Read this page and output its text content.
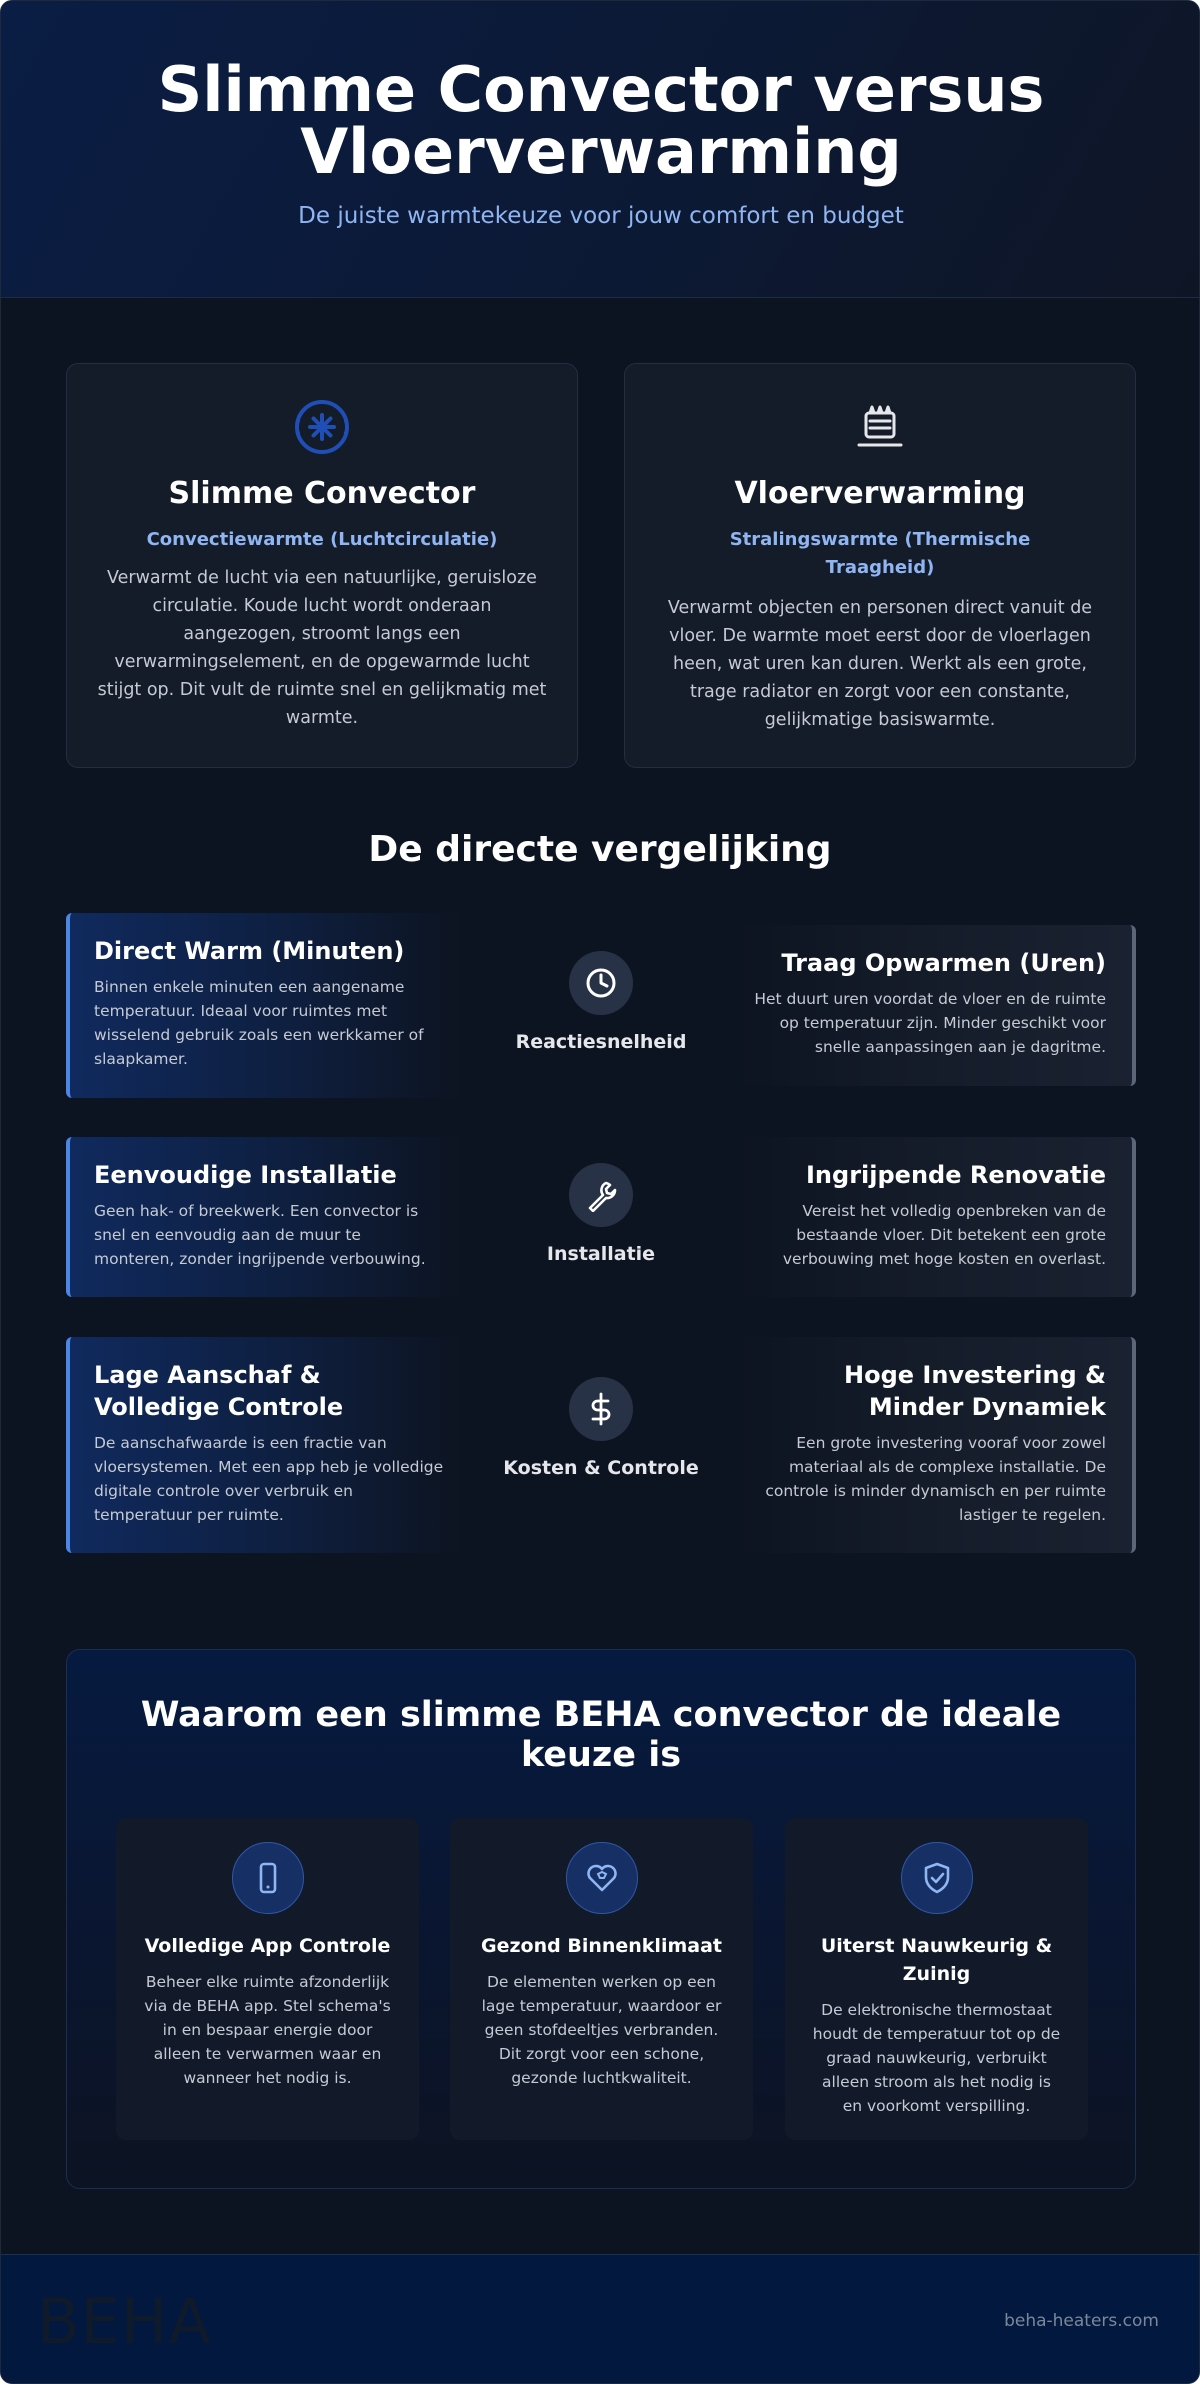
Slimme Convector versus Vloerverwarming

De juiste warmtekeuze voor jouw comfort en budget

Slimme Convector
Convectiewarmte (Luchtcirculatie)

Verwarmt de lucht via een natuurlijke, geruisloze circulatie. Koude lucht wordt onderaan aangezogen, stroomt langs een verwarmingselement, en de opgewarmde lucht stijgt op. Dit vult de ruimte snel en gelijkmatig met warmte.

Vloerverwarming
Stralingswarmte (Thermische Traagheid)

Verwarmt objecten en personen direct vanuit de vloer. De warmte moet eerst door de vloerlagen heen, wat uren kan duren. Werkt als een grote, trage radiator en zorgt voor een constante, gelijkmatige basiswarmte.

De directe vergelijking
Direct Warm (Minuten)

Binnen enkele minuten een aangename temperatuur. Ideaal voor ruimtes met wisselend gebruik zoals een werkkamer of slaapkamer.

Reactiesnelheid
Traag Opwarmen (Uren)

Het duurt uren voordat de vloer en de ruimte op temperatuur zijn. Minder geschikt voor snelle aanpassingen aan je dagritme.

Eenvoudige Installatie

Geen hak- of breekwerk. Een convector is snel en eenvoudig aan de muur te monteren, zonder ingrijpende verbouwing.	Installatie
Ingrijpende Renovatie

Vereist het volledig openbreken van de bestaande vloer. Dit betekent een grote verbouwing met hoge kosten en overlast.

Lage Aanschaf & Volledige Controle

De aanschafwaarde is een fractie van vloersystemen. Met een app heb je volledige digitale controle over verbruik en temperatuur per ruimte.

Kosten & Controle
Hoge Investering & Minder Dynamiek

Een grote investering vooraf voor zowel materiaal als de complexe installatie. De controle is minder dynamisch en per ruimte lastiger te regelen.

Waarom een slimme BEHA convector de ideale keuze is
Volledige App Controle

Beheer elke ruimte afzonderlijk via de BEHA app. Stel schema's in en bespaar energie door alleen te verwarmen waar en wanneer het nodig is.

Gezond Binnenklimaat

De elementen werken op een lage temperatuur, waardoor er geen stofdeeltjes verbranden. Dit zorgt voor een schone, gezonde luchtkwaliteit.

Uiterst Nauwkeurig & Zuinig

De elektronische thermostaat houdt de temperatuur tot op de graad nauwkeurig, verbruikt alleen stroom als het nodig is en voorkomt verspilling.

BEHA	beha-heaters.com
